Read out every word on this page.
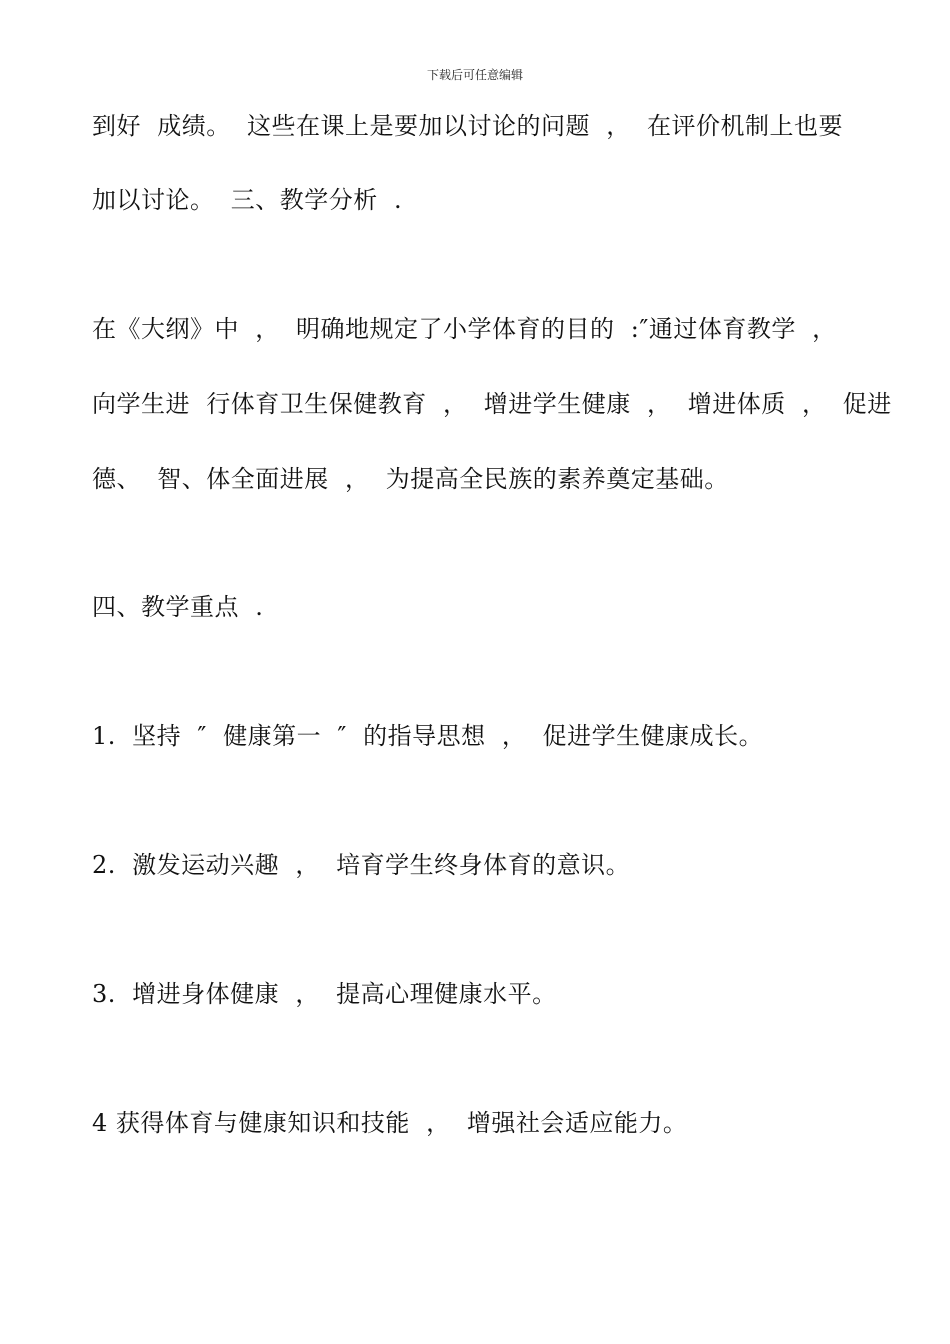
下载后可任意编辑
到好  成绩。  这些在课上是要加以讨论的问题  ，  在评价机制上也要
加以讨论。  三、教学分析  .
在《大纲》中  ，  明确地规定了小学体育的目的  :″通过体育教学  ，
向学生进  行体育卫生保健教育  ，  增进学生健康  ，  增进体质  ，  促进
德、  智、体全面进展  ，  为提高全民族的素养奠定基础。
四、教学重点  .
1.  坚持  ″  健康第一  ″  的指导思想  ，  促进学生健康成长。
2.  激发运动兴趣  ，  培育学生终身体育的意识。
3.  增进身体健康  ，  提高心理健康水平。
4 获得体育与健康知识和技能  ，  增强社会适应能力。
